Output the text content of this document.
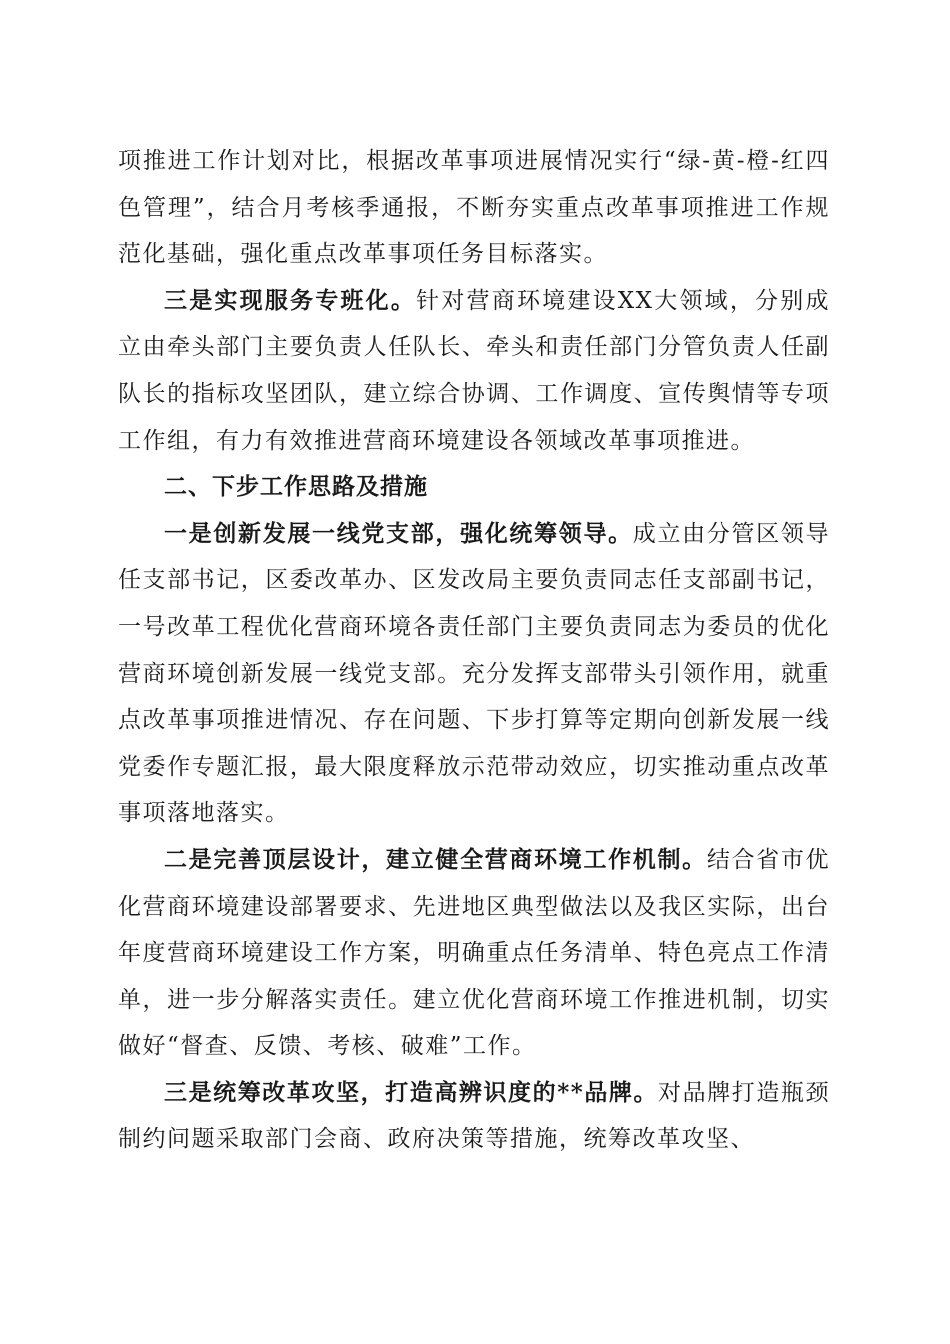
项推进工作计划对比，根据改革事项进展情况实行“绿-黄-橙-红四色管理”，结合月考核季通报，不断夯实重点改革事项推进工作规范化基础，强化重点改革事项任务目标落实。

三是实现服务专班化。针对营商环境建设XX大领域，分别成立由牵头部门主要负责人任队长、牵头和责任部门分管负责人任副队长的指标攻坚团队，建立综合协调、工作调度、宣传舆情等专项工作组，有力有效推进营商环境建设各领域改革事项推进。

二、下步工作思路及措施

一是创新发展一线党支部，强化统筹领导。成立由分管区领导任支部书记，区委改革办、区发改局主要负责同志任支部副书记，一号改革工程优化营商环境各责任部门主要负责同志为委员的优化营商环境创新发展一线党支部。充分发挥支部带头引领作用，就重点改革事项推进情况、存在问题、下步打算等定期向创新发展一线党委作专题汇报，最大限度释放示范带动效应，切实推动重点改革事项落地落实。

二是完善顶层设计，建立健全营商环境工作机制。结合省市优化营商环境建设部署要求、先进地区典型做法以及我区实际，出台年度营商环境建设工作方案，明确重点任务清单、特色亮点工作清单，进一步分解落实责任。建立优化营商环境工作推进机制，切实做好“督查、反馈、考核、破难”工作。

三是统筹改革攻坚，打造高辨识度的**品牌。对品牌打造瓶颈制约问题采取部门会商、政府决策等措施，统筹改革攻坚、
